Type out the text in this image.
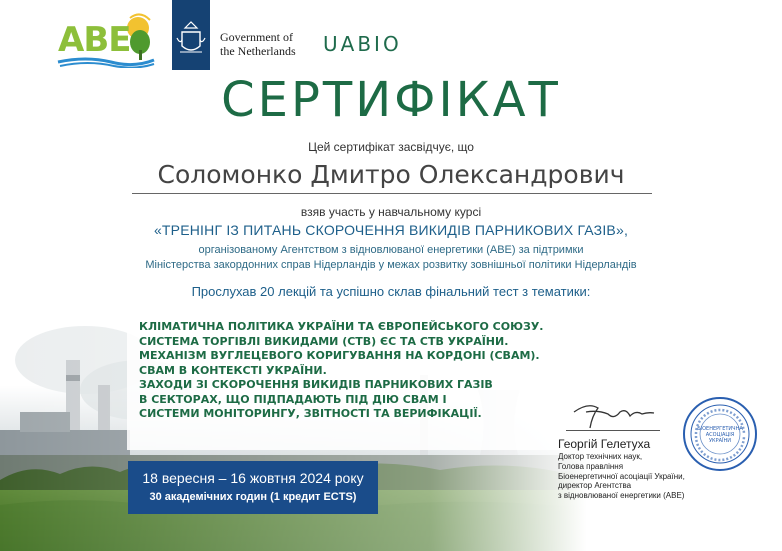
ABE	Government of
the Netherlands UABIO
СЕРТИФІКАТ
Цей сертифікат засвідчує, що
Соломонко Дмитро Олександрович
взяв участь у навчальному курсі
«ТРЕНІНГ ІЗ ПИТАНЬ СКОРОЧЕННЯ ВИКИДІВ ПАРНИКОВИХ ГАЗІВ»,
організованому Агентством з відновлюваної енергетики (АВЕ) за підтримки
Міністерства закордонних справ Нідерландів у межах розвитку зовнішньої політики Нідерландів
Прослухав 20 лекцій та успішно склав фінальний тест з тематики:
КЛІМАТИЧНА ПОЛІТИКА УКРАЇНИ ТА ЄВРОПЕЙСЬКОГО СОЮЗУ.
СИСТЕМА ТОРГІВЛІ ВИКИДАМИ (СТВ) ЄС ТА СТВ УКРАЇНИ.
МЕХАНІЗМ ВУГЛЕЦЕВОГО КОРИГУВАННЯ НА КОРДОНІ (CBAM).
CBAM В КОНТЕКСТІ УКРАЇНИ.
ЗАХОДИ ЗІ СКОРОЧЕННЯ ВИКИДІВ ПАРНИКОВИХ ГАЗІВ
В СЕКТОРАХ, ЩО ПІДПАДАЮТЬ ПІД ДІЮ CBAM І
СИСТЕМИ МОНІТОРИНГУ, ЗВІТНОСТІ ТА ВЕРИФІКАЦІЇ.
18 вересня – 16 жовтня 2024 року
30 академічних годин (1 кредит ECTS)
Георгій Гелетуха
Доктор технічних наук,
Голова правління
Біоенергетичної асоціації України,
директор Агентства
з відновлюваної енергетики (АВЕ)
БІОЕНЕРГЕТИЧНА
АСОЦІАЦІЯ
УКРАЇНИ
